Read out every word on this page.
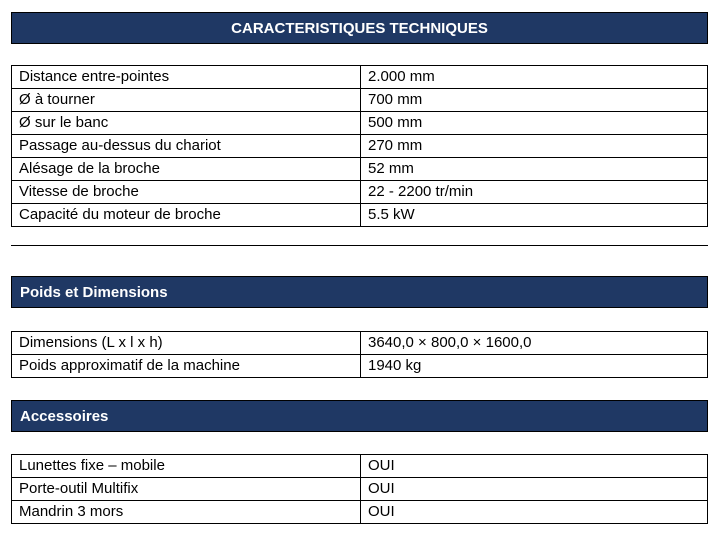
CARACTERISTIQUES TECHNIQUES
Distance entre-pointes	2.000 mm
Ø à tourner	700 mm
Ø sur le banc	500 mm
Passage au-dessus du chariot	270 mm
Alésage de la broche	52 mm
Vitesse de broche	22 - 2200 tr/min
Capacité du moteur de broche	5.5 kW
Poids et Dimensions
Dimensions (L x l x h)	3640,0 × 800,0 × 1600,0
Poids approximatif de la machine	1940 kg
Accessoires
Lunettes fixe – mobile	OUI
Porte-outil Multifix	OUI
Mandrin 3 mors	OUI
